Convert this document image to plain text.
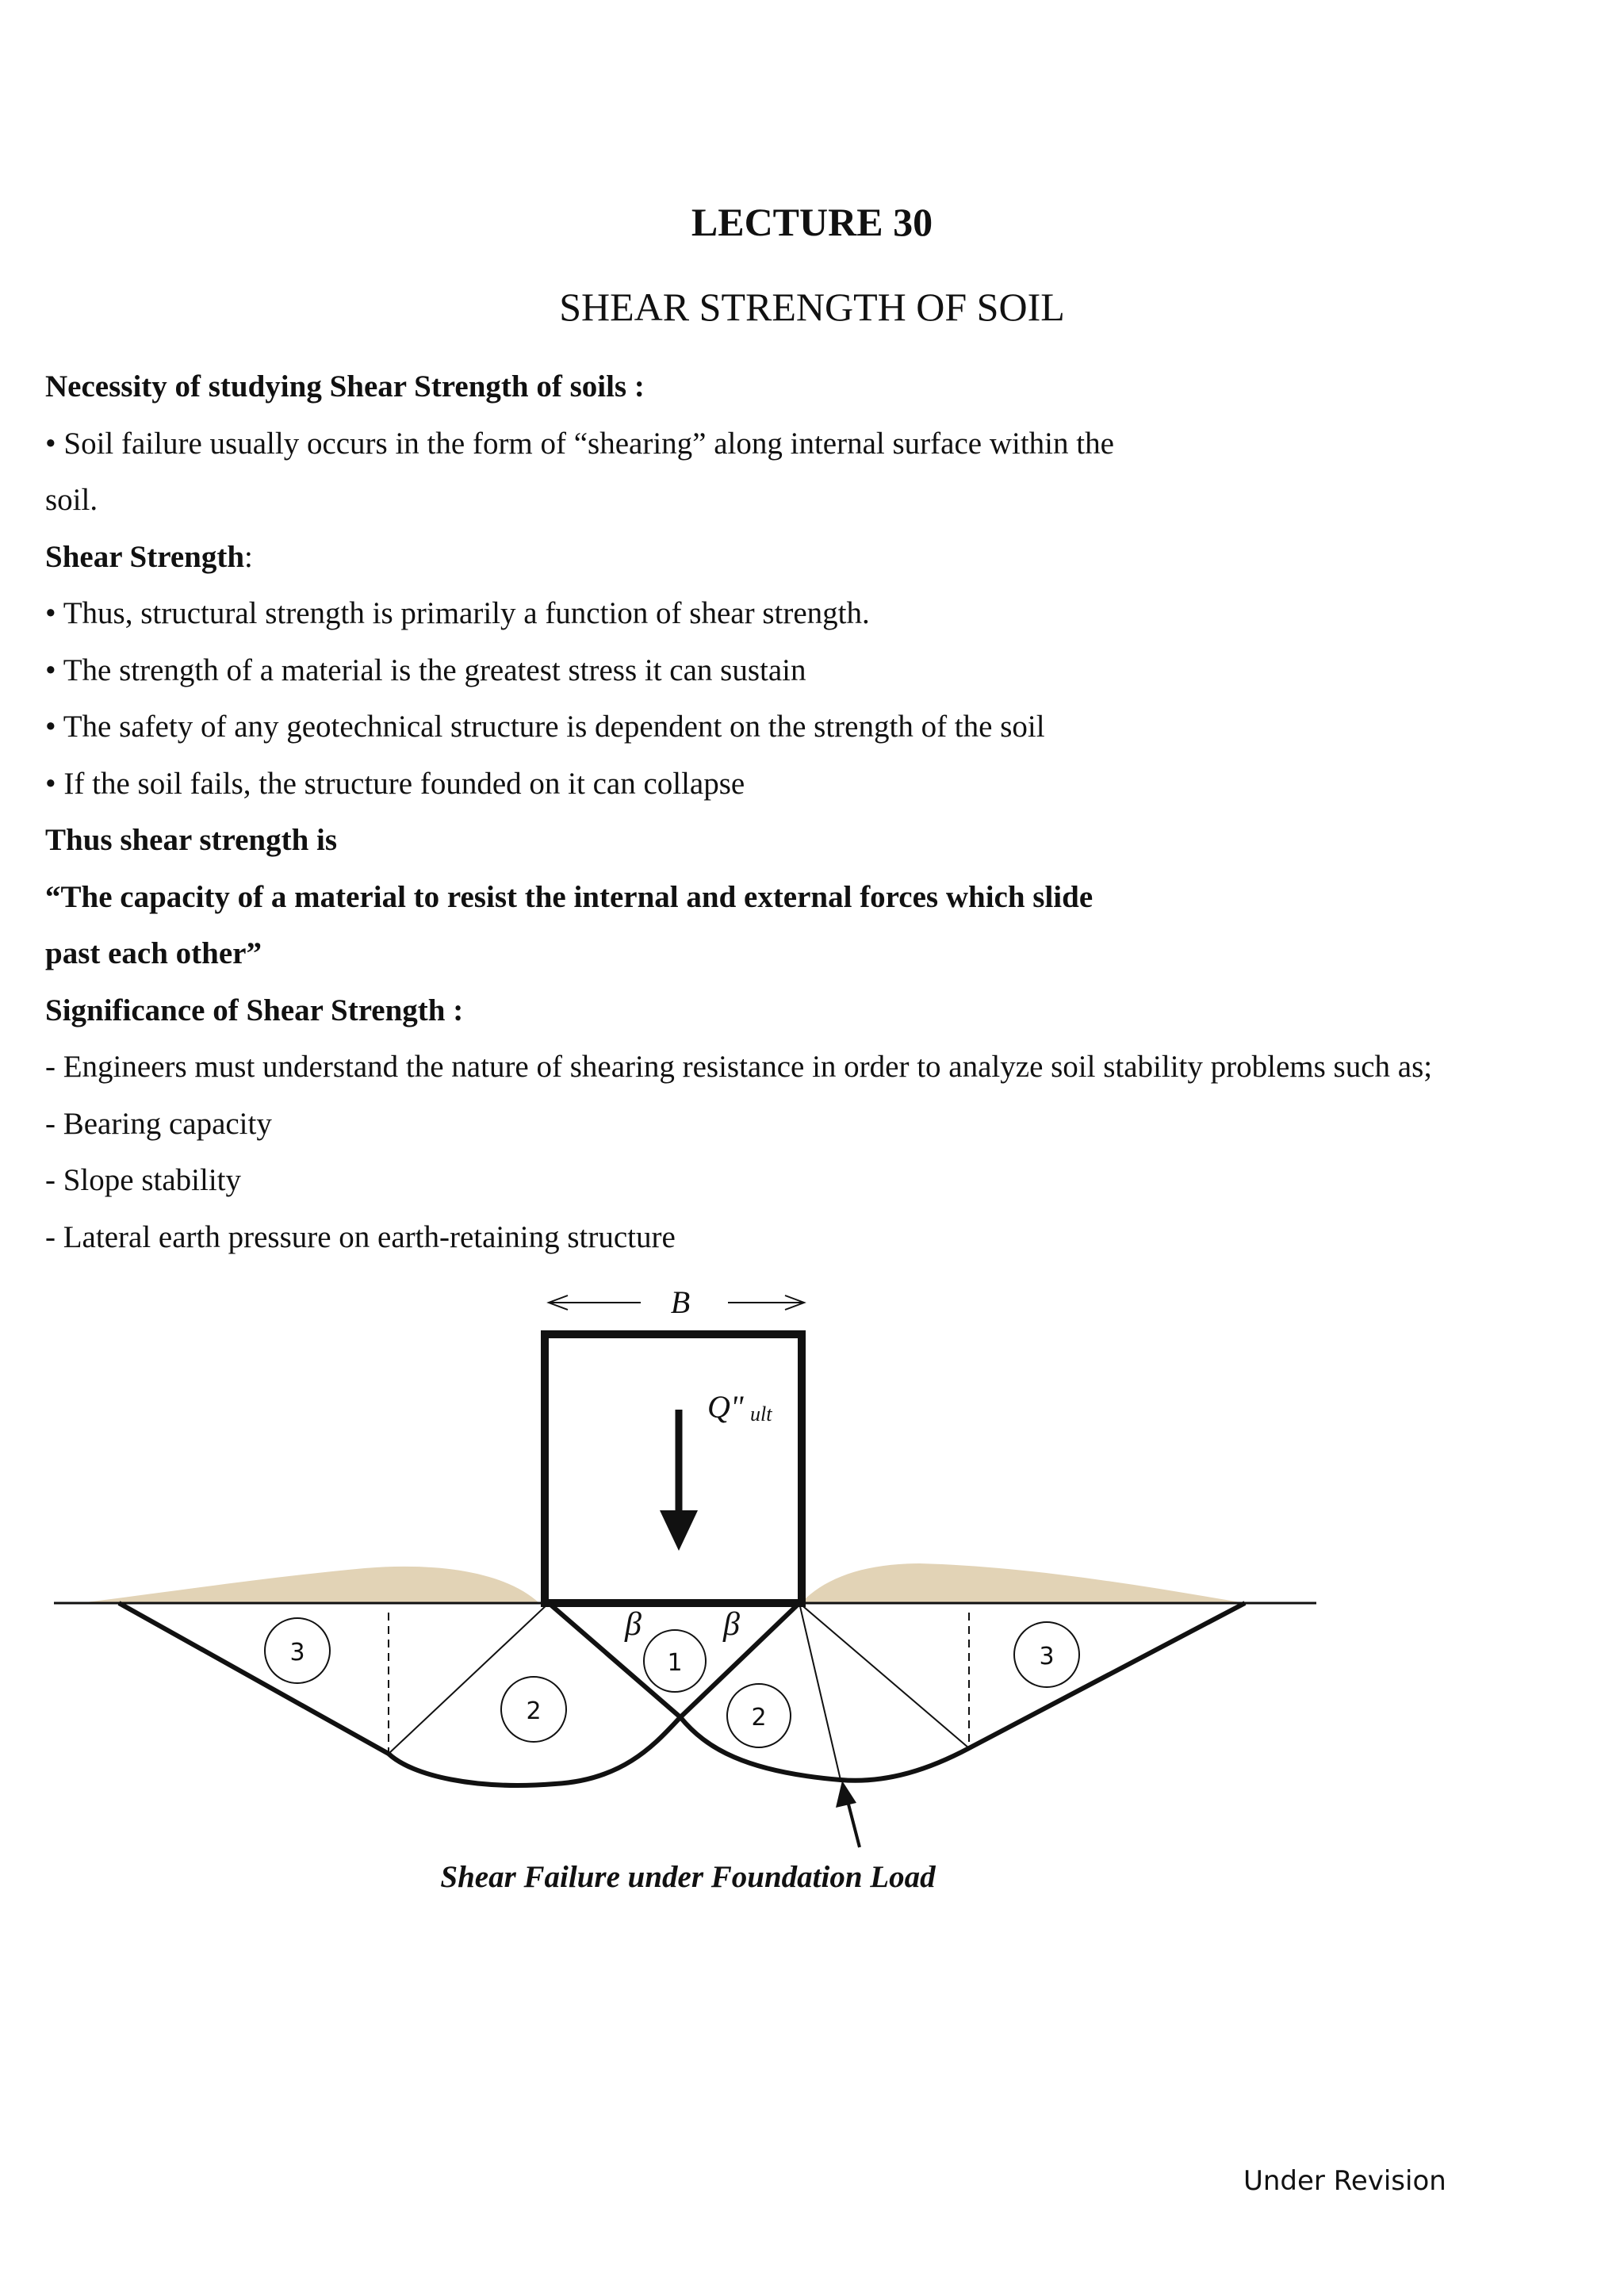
LECTURE 30
SHEAR STRENGTH OF SOIL
Necessity of studying Shear Strength of soils :
• Soil failure usually occurs in the form of “shearing” along internal surface within the
soil.
Shear Strength:
• Thus, structural strength is primarily a function of shear strength.
• The strength of a material is the greatest stress it can sustain
• The safety of any geotechnical structure is dependent on the strength of the soil
• If the soil fails, the structure founded on it can collapse
Thus shear strength is
“The capacity of a material to resist the internal and external forces which slide
past each other”
Significance of Shear Strength :
- Engineers must understand the nature of shearing resistance in order to analyze soil stability problems such as;
- Bearing capacity
- Slope stability
- Lateral earth pressure on earth-retaining structure
B
Q" ult
β β
3
2
1
2
3
Shear Failure under Foundation Load
Under Revision
